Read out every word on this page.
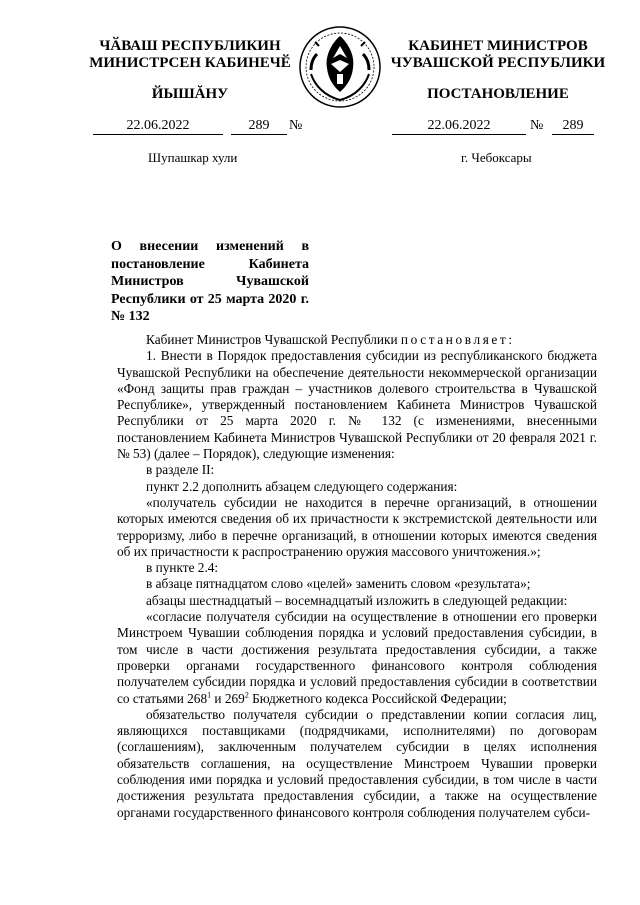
ЧӐВАШ РЕСПУБЛИКИН
МИНИСТРСЕН КАБИНЕЧӖ
ЙЫШĂНУ
КАБИНЕТ МИНИСТРОВ
ЧУВАШСКОЙ РЕСПУБЛИКИ
ПОСТАНОВЛЕНИЕ
22.06.2022	289	№
Шупашкар хули
22.06.2022	№	289
г. Чебоксары
О внесении изменений в постановление Кабинета Министров Чувашской Республики от 25 марта 2020 г. № 132

Кабинет Министров Чувашской Республики постановляет:

1. Внести в Порядок предоставления субсидии из республиканского бюджета Чувашской Республики на обеспечение деятельности некоммерческой организации «Фонд защиты прав граждан – участников долевого строительства в Чувашской Республике», утвержденный постановлением Кабинета Министров Чувашской Республики от 25 марта 2020 г. № 132 (с изменениями, внесенными постановлением Кабинета Министров Чувашской Республики от 20 февраля 2021 г. № 53) (далее – Порядок), следующие изменения:

в разделе II:

пункт 2.2 дополнить абзацем следующего содержания:

«получатель субсидии не находится в перечне организаций, в отношении которых имеются сведения об их причастности к экстремистской деятельности или терроризму, либо в перечне организаций, в отношении которых имеются сведения об их причастности к распространению оружия массового уничтожения.»;

в пункте 2.4:

в абзаце пятнадцатом слово «целей» заменить словом «результата»;

абзацы шестнадцатый – восемнадцатый изложить в следующей редакции:

«согласие получателя субсидии на осуществление в отношении его проверки Минстроем Чувашии соблюдения порядка и условий предоставления субсидии, в том числе в части достижения результата предоставления субсидии, а также проверки органами государственного финансового контроля соблюдения получателем субсидии порядка и условий предоставления субсидии в соответствии со статьями $268^1$ и $269^2$ Бюджетного кодекса Российской Федерации;

обязательство получателя субсидии о представлении копии согласия лиц, являющихся поставщиками (подрядчиками, исполнителями) по договорам (соглашениям), заключенным получателем субсидии в целях исполнения обязательств соглашения, на осуществление Минстроем Чувашии проверки соблюдения ими порядка и условий предоставления субсидии, в том числе в части достижения результата предоставления субсидии, а также на осуществление органами государственного финансового контроля соблюдения получателем субси-
